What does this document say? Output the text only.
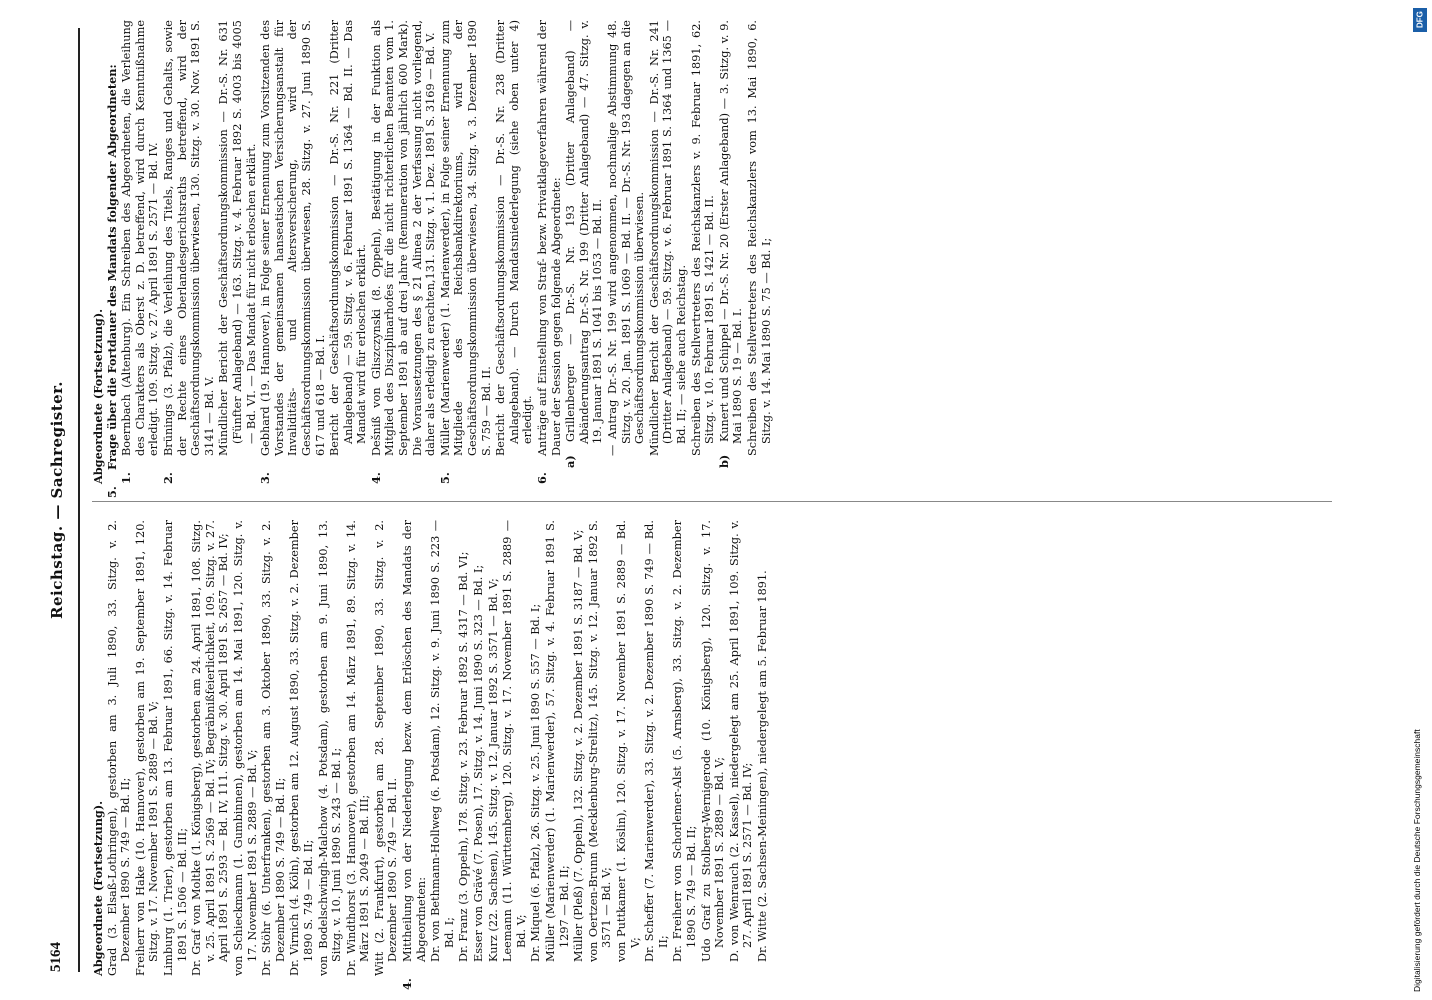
5164
Reichstag. — Sachregister.
Abgeordnete (Fortsetzung). Grad (3. Elsaß-Lothringen), gestorben am 3. Juli 1890, 33. Sitzg. v. 2. Dezember 1890 S. 749 — Bd. II; Freiherr von Hake (10. Hannover), gestorben am 19. September 1891, 120. Sitzg. v. 17. November 1891 S. 2889 — Bd. V; Limburg (1. Trier), gestorben am 13. Februar 1891, 66. Sitzg. v. 14. Februar 1891 S. 1506 — Bd. III; Dr. Graf von Moltke (1. Königsberg), gestorben am 24. April 1891, 108. Sitzg. v. 25. April 1891 S. 2569 — Bd. IV; Begräbnißfeierlichkeit, 109. Sitzg. v. 27. April 1891 S. 2593 — Bd. IV, 111. Sitzg. v. 30. April 1891 S. 2657 — Bd. IV; von Schieckmann (1. Gumbinnen), gestorben am 14. Mai 1891, 120. Sitzg. v. 17. November 1891 S. 2889 — Bd. V; Dr. Stöhr (6. Unterfranken), gestorben am 3. Oktober 1890, 33. Sitzg. v. 2. Dezember 1890 S. 749 — Bd. II; Dr. Virnich (4. Köln), gestorben am 12. August 1890, 33. Sitzg. v. 2. Dezember 1890 S. 749 — Bd. II; von Bodelschwingh-Malchow (4. Potsdam), gestorben am 9. Juni 1890, 13. Sitzg. v. 10. Juni 1890 S. 243 — Bd. I; Dr. Windthorst (3. Hannover), gestorben am 14. März 1891, 89. Sitzg. v. 14. März 1891 S. 2049 — Bd. III; Witt (2. Frankfurt), gestorben am 28. September 1890, 33. Sitzg. v. 2. Dezember 1890 S. 749 — Bd. II.
4.Mittheilung von der Niederlegung bezw. dem Erlöschen des Mandats der Abgeordneten: Dr. von Bethmann-Hollweg (6. Potsdam), 12. Sitzg. v. 9. Juni 1890 S. 223 — Bd. I; Dr. Franz (3. Oppeln), 178. Sitzg. v. 23. Februar 1892 S. 4317 — Bd. VI; Esser von Grävé (7. Posen), 17. Sitzg. v. 14. Juni 1890 S. 323 — Bd. I; Kurz (22. Sachsen), 145. Sitzg. v. 12. Januar 1892 S. 3571 — Bd. V; Leemann (11. Württemberg), 120. Sitzg. v. 17. November 1891 S. 2889 — Bd. V; Dr. Miquel (6. Pfalz), 26. Sitzg. v. 25. Juni 1890 S. 557 — Bd. I; Müller (Marienwerder) (1. Marienwerder), 57. Sitzg. v. 4. Februar 1891 S. 1297 — Bd. II; Müller (Pleß) (7. Oppeln), 132. Sitzg. v. 2. Dezember 1891 S. 3187 — Bd. V; von Oertzen-Brunn (Mecklenburg-Strelitz), 145. Sitzg. v. 12. Januar 1892 S. 3571 — Bd. V; von Puttkamer (1. Köslin), 120. Sitzg. v. 17. November 1891 S. 2889 — Bd. V; Dr. Scheffer (7. Marienwerder), 33. Sitzg. v. 2. Dezember 1890 S. 749 — Bd. II; Dr. Freiherr von Schorlemer-Alst (5. Arnsberg), 33. Sitzg. v. 2. Dezember 1890 S. 749 — Bd. II; Udo Graf zu Stolberg-Wernigerode (10. Königsberg), 120. Sitzg. v. 17. November 1891 S. 2889 — Bd. V; D. von Wenrauch (2. Kassel), niedergelegt am 25. April 1891, 109. Sitzg. v. 27. April 1891 S. 2571 — Bd. IV; Dr. Witte (2. Sachsen-Meiningen), niedergelegt am 5. Februar 1891.
Abgeordnete (Fortsetzung).
5.Frage über die Fortdauer des Mandats folgender Abgeordneten:
1.Boernbach (Altenburg). Ein Schreiben des Abgeordneten, die Verleihung des Charakters als Oberst z. D. betreffend, wird durch Kenntnißnahme erledigt. 109. Sitzg. v. 27. April 1891 S. 2571 — Bd. IV.
2.Brünings (3. Pfalz), die Verleihung des Titels, Ranges und Gehalts, sowie der Rechte eines Oberlandesgerichtsraths betreffend, wird der Geschäftsordnungskommission überwiesen, 130. Sitzg. v. 30. Nov. 1891 S. 3141 — Bd. V. Mündlicher Bericht der Geschäftsordnungskommission — Dr.-S. Nr. 631 (Fünfter Anlageband) — 163. Sitzg. v. 4. Februar 1892 S. 4003 bis 4005 — Bd. VI. — Das Mandat für nicht erloschen erklärt.
3.Gebhard (19. Hannover), in Folge seiner Ernennung zum Vorsitzenden des Vorstandes der gemeinsamen hanseatischen Versicherungsanstalt für Invaliditäts- und Altersversicherung, wird der Geschäftsordnungskommission überwiesen, 28. Sitzg. v. 27. Juni 1890 S. 617 und 618 — Bd. I. Bericht der Geschäftsordnungskommission — Dr.-S. Nr. 221 (Dritter Anlageband) — 59. Sitzg. v. 6. Februar 1891 S. 1364 — Bd. II. — Das Mandat wird für erloschen erklärt.
4.Dešniß von Gliszczynski (8. Oppeln), Bestätigung in der Funktion als Mitglied des Disziplinarhofes für die nicht richterlichen Beamten vom 1. September 1891 ab auf drei Jahre (Remuneration von jährlich 600 Mark). Die Voraussetzungen des § 21 Alinea 2 der Verfassung nicht vorliegend, daher als erledigt zu erachten,131. Sitzg. v. 1. Dez. 1891 S. 3169 — Bd. V.
5.Müller (Marienwerder) (1. Marienwerder), in Folge seiner Ernennung zum Mitgliede des Reichsbankdirektoriums, wird der Geschäftsordnungskommission überwiesen, 34. Sitzg. v. 3. Dezember 1890 S. 759 — Bd. II. Bericht der Geschäftsordnungskommission — Dr.-S. Nr. 238 (Dritter Anlageband). — Durch Mandatsniederlegung (siehe oben unter 4) erledigt.
6.Anträge auf Einstellung von Straf- bezw. Privatklageverfahren während der Dauer der Session gegen folgende Abgeordnete:
a)Grillenberger — Dr.-S. Nr. 193 (Dritter Anlageband) — Abänderungsantrag Dr.-S. Nr. 199 (Dritter Anlageband) — 47. Sitzg. v. 19. Januar 1891 S. 1041 bis 1053 — Bd. II. — Antrag Dr.-S. Nr. 199 wird angenommen, nochmalige Abstimmung 48. Sitzg. v. 20. Jan. 1891 S. 1069 — Bd. II. — Dr.-S. Nr. 193 dagegen an die Geschäftsordnungskommission überwiesen. Mündlicher Bericht der Geschäftsordnungskommission — Dr.-S. Nr. 241 (Dritter Anlageband) — 59. Sitzg. v. 6. Februar 1891 S. 1364 und 1365 — Bd. II; — siehe auch Reichstag. Schreiben des Stellvertreters des Reichskanzlers v. 9. Februar 1891, 62. Sitzg. v. 10. Februar 1891 S. 1421 — Bd. II.
b)Kunert und Schippel — Dr.-S. Nr. 20 (Erster Anlageband) — 3. Sitzg. v. 9. Mai 1890 S. 19 — Bd. I. Schreiben des Stellvertreters des Reichskanzlers vom 13. Mai 1890, 6. Sitzg. v. 14. Mai 1890 S. 75 — Bd. I;
DFG
Digitalisierung gefördert durch die Deutsche Forschungsgemeinschaft
